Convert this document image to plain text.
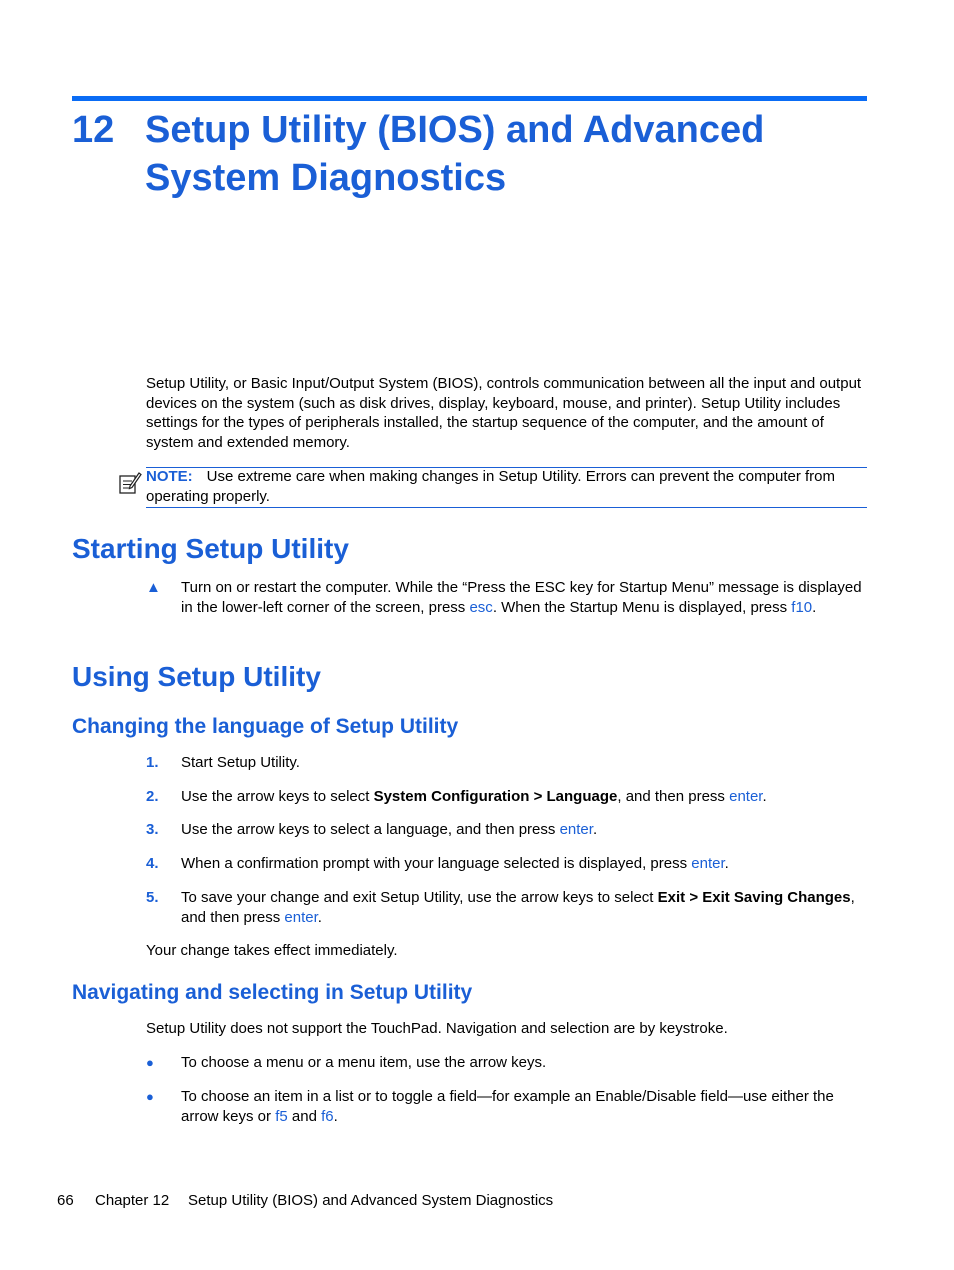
12 Setup Utility (BIOS) and Advanced System Diagnostics

Setup Utility, or Basic Input/Output System (BIOS), controls communication between all the input and output devices on the system (such as disk drives, display, keyboard, mouse, and printer). Setup Utility includes settings for the types of peripherals installed, the startup sequence of the computer, and the amount of system and extended memory.

NOTE: Use extreme care when making changes in Setup Utility. Errors can prevent the computer from operating properly.

Starting Setup Utility
▲ Turn on or restart the computer. While the “Press the ESC key for Startup Menu” message is displayed in the lower-left corner of the screen, press esc. When the Startup Menu is displayed, press f10.
Using Setup Utility
Changing the language of Setup Utility
1. Start Setup Utility.
2. Use the arrow keys to select System Configuration > Language, and then press enter.
3. Use the arrow keys to select a language, and then press enter.
4. When a confirmation prompt with your language selected is displayed, press enter.
5. To save your change and exit Setup Utility, use the arrow keys to select Exit > Exit Saving Changes, and then press enter.

Your change takes effect immediately.

Navigating and selecting in Setup Utility

Setup Utility does not support the TouchPad. Navigation and selection are by keystroke.

● To choose a menu or a menu item, use the arrow keys.
● To choose an item in a list or to toggle a field—for example an Enable/Disable field—use either the arrow keys or f5 and f6.

66 Chapter 12 Setup Utility (BIOS) and Advanced System Diagnostics
